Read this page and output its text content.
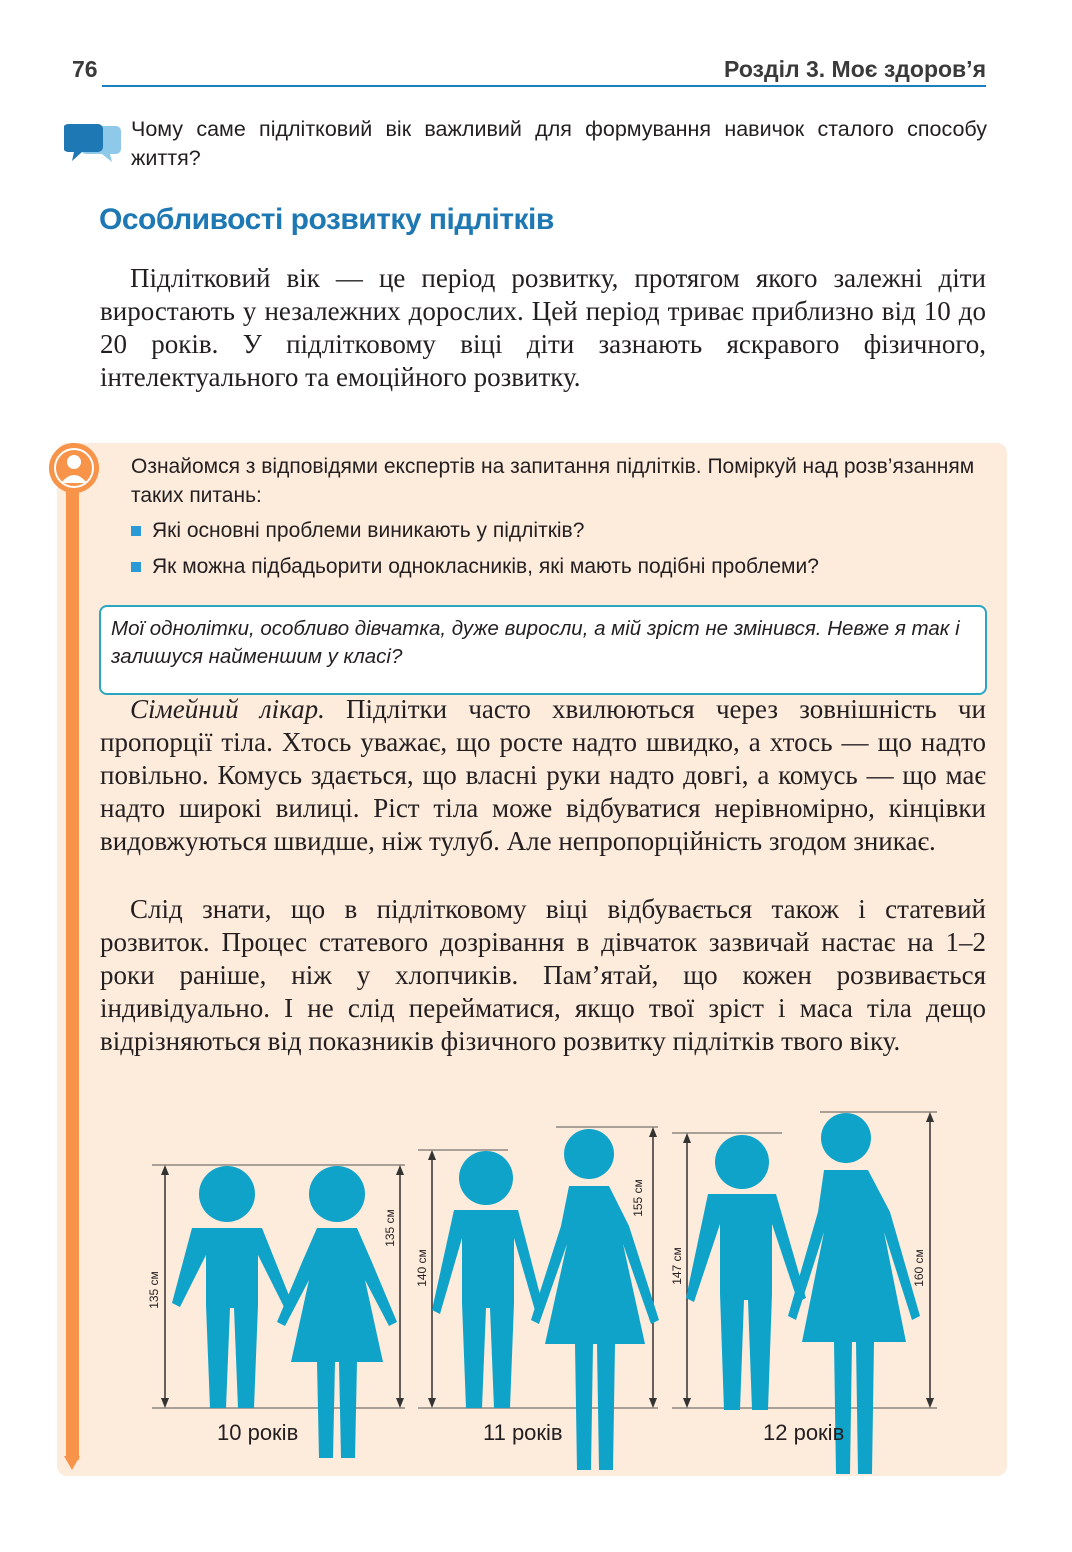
76	Розділ 3. Моє здоров’я
Чому саме підлітковий вік важливий для формування навичок сталого способу життя?
Особливості розвитку підлітків

Підлітковий вік — це період розвитку, протягом якого залежні діти виростають у незалежних дорослих. Цей період триває приблизно від 10 до 20 років. У підлітковому віці діти зазнають яскравого фізичного, інтелектуального та емоційного розвитку.

Ознайомся з відповідями експертів на запитання підлітків. Поміркуй над розв’язанням таких питань:

Які основні проблеми виникають у підлітків?
Як можна підбадьорити однокласників, які мають подібні проблеми?
Мої однолітки, особливо дівчатка, дуже виросли, а мій зріст не змінився. Невже я так і залишуся найменшим у класі?

Сімейний лікар. Підлітки часто хвилюються через зовнішність чи пропорції тіла. Хтось уважає, що росте надто швидко, а хтось — що надто повільно. Комусь здається, що власні руки надто довгі, а комусь — що має надто широкі вилиці. Ріст тіла може відбуватися нерівномірно, кінцівки видовжуються швидше, ніж тулуб. Але непропорційність згодом зникає.

Слід знати, що в підлітковому віці відбувається також і статевий розвиток. Процес статевого дозрівання в дівчаток зазвичай настає на 1–2 роки раніше, ніж у хлопчиків. Пам’ятай, що кожен розвивається індивідуально. І не слід перейматися, якщо твої зріст і маса тіла дещо відрізняються від показників фізичного розвитку підлітків твого віку.

135 см
135 см
140 см
155 см
147 см	160 см
10 років	11 років	12 років
